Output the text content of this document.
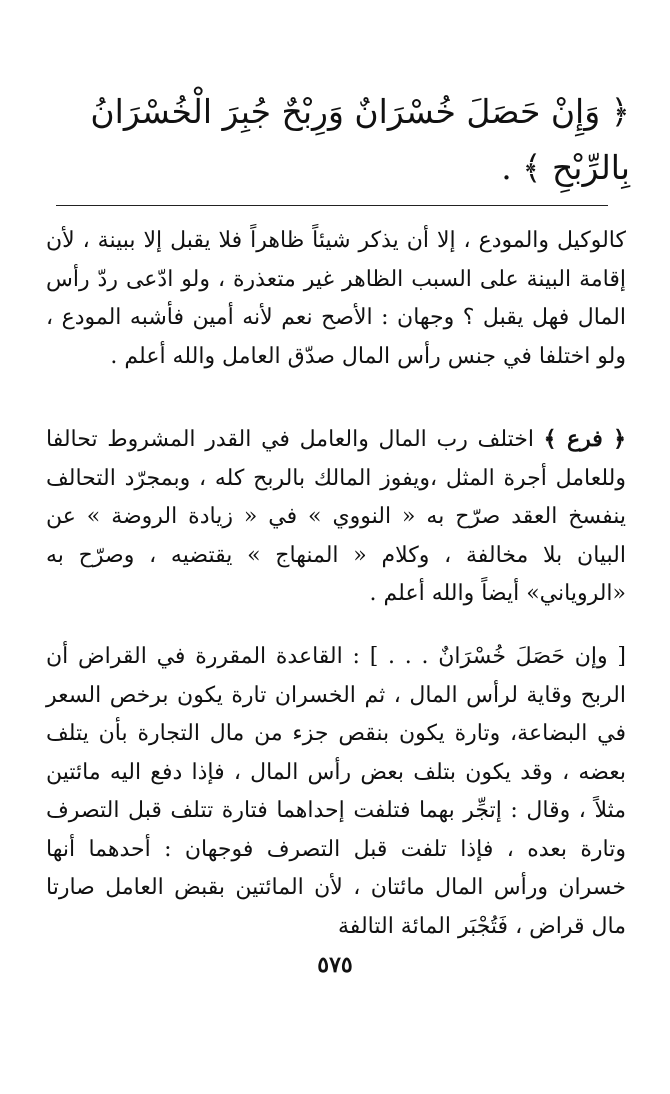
﴿ وَإِنْ حَصَلَ خُسْرَانٌ وَرِبْحٌ جُبِرَ الْخُسْرَانُ
بِالرِّبْحِ ﴾ .

كالوكيل والمودع ، إلا أن يذكر شيئاً ظاهراً فلا يقبل إلا ببينة ، لأن إقامة البينة على السبب الظاهر غير متعذرة ، ولو ادّعى ردّ رأس المال فهل يقبل ؟ وجهان : الأصح نعم لأنه أمين فأشبه المودع ، ولو اختلفا في جنس رأس المال صدّق العامل والله أعلم .

﴿ فرع ﴾ اختلف رب المال والعامل في القدر المشروط تحالفا وللعامل أجرة المثل ،ويفوز المالك بالربح كله ، وبمجرّد التحالف ينفسخ العقد صرّح به « النووي » في « زيادة الروضة » عن البيان بلا مخالفة ، وكلام « المنهاج » يقتضيه ، وصرّح به «الروياني» أيضاً والله أعلم .

[ وإن حَصَلَ خُسْرَانٌ . . . ] : القاعدة المقررة في القراض أن الربح وقاية لرأس المال ، ثم الخسران تارة يكون برخص السعر في البضاعة، وتارة يكون بنقص جزء من مال التجارة بأن يتلف بعضه ، وقد يكون بتلف بعض رأس المال ، فإذا دفع اليه مائتين مثلاً ، وقال : إتجِّر بهما فتلفت إحداهما فتارة تتلف قبل التصرف وتارة بعده ، فإذا تلفت قبل التصرف فوجهان : أحدهما أنها خسران ورأس المال مائتان ، لأن المائتين بقبض العامل صارتا مال قراض ، فَتُجْبَر المائة التالفة

٥٧٥
